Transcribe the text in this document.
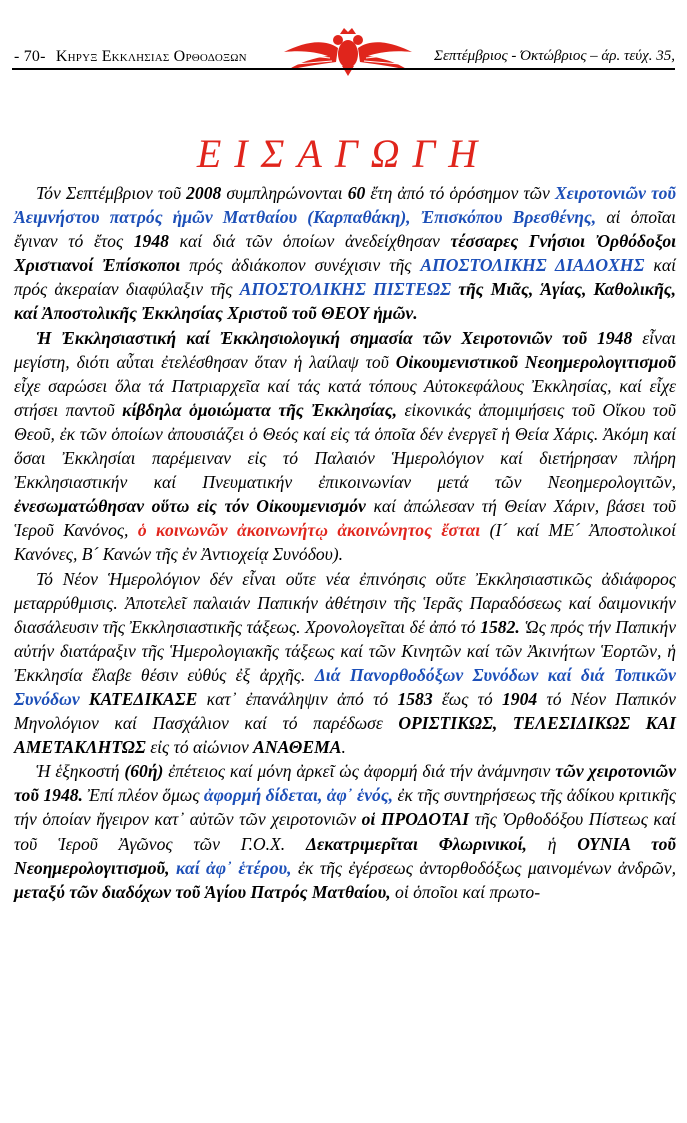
- 70- Κηρυξ Εκκλησιας Ορθοδοξων	Σεπτέμβριος - Όκτώβριος – άρ. τεύχ. 35,
ΕΙΣΑΓΩΓΗ

Τόν Σεπτέμβριον τοῦ 2008 συμπληρώνονται 60 ἔτη ἀπό τό ὁρόσημον τῶν Χειροτονιῶν τοῦ Ἀειμνήστου πατρός ἡμῶν Ματθαίου (Καρπαθάκη), Ἐπισκόπου Βρεσθένης, αἱ ὁποῖαι ἔγιναν τό ἔτος 1948 καί διά τῶν ὁποίων ἀνεδείχθησαν τέσσαρες Γνήσιοι Ὀρθόδοξοι Χριστιανοί Ἐπίσκοποι πρός ἀδιάκοπον συνέχισιν τῆς ΑΠΟΣΤΟΛΙΚΗΣ ΔΙΑΔΟΧΗΣ καί πρός ἀκεραίαν διαφύλαξιν τῆς ΑΠΟΣΤΟΛΙΚΗΣ ΠΙΣΤΕΩΣ τῆς Μιᾶς, Ἁγίας, Καθολικῆς, καί Ἀποστολικῆς Ἐκκλησίας Χριστοῦ τοῦ ΘΕΟΥ ἡμῶν.

Ἡ Ἐκκλησιαστική καί Ἐκκλησιολογική σημασία τῶν Χειροτονιῶν τοῦ 1948 εἶναι μεγίστη, διότι αὗται ἐτελέσθησαν ὅταν ἡ λαίλαψ τοῦ Οἰκουμενιστικοῦ Νεοημερολογιτισμοῦ εἶχε σαρώσει ὅλα τά Πατριαρχεῖα καί τάς κατά τόπους Αὐτοκεφάλους Ἐκκλησίας, καί εἶχε στήσει παντοῦ κίβδηλα ὁμοιώματα τῆς Ἐκκλησίας, εἰκονικάς ἀπομιμήσεις τοῦ Οἴκου τοῦ Θεοῦ, ἐκ τῶν ὁποίων ἀπουσιάζει ὁ Θεός καί εἰς τά ὁποῖα δέν ἐνεργεῖ ἡ Θεία Χάρις. Ἀκόμη καί ὅσαι Ἐκκλησίαι παρέμειναν εἰς τό Παλαιόν Ἡμερολόγιον καί διετήρησαν πλήρη Ἐκκλησιαστικήν καί Πνευματικήν ἐπικοινωνίαν μετά τῶν Νεοημερολογιτῶν, ἐνεσωματώθησαν οὕτω εἰς τόν Οἰκουμενισμόν καί ἀπώλεσαν τή Θείαν Χάριν, βάσει τοῦ Ἱεροῦ Κανόνος, ὁ κοινωνῶν ἀκοινωνήτῳ ἀκοινώνητος ἔσται (Ι´ καί ΜΕ´ Ἀποστολικοί Κανόνες, Β´ Κανών τῆς ἐν Ἀντιοχείᾳ Συνόδου).

Τό Νέον Ἡμερολόγιον δέν εἶναι οὔτε νέα ἐπινόησις οὔτε Ἐκκλησιαστικῶς ἀδιάφορος μεταρρύθμισις. Ἀποτελεῖ παλαιάν Παπικήν ἀθέτησιν τῆς Ἱερᾶς Παραδόσεως καί δαιμονικήν διασάλευσιν τῆς Ἐκκλησιαστικῆς τάξεως. Χρονολογεῖται δέ ἀπό τό 1582. Ὡς πρός τήν Παπικήν αὐτήν διατάραξιν τῆς Ἡμερολογιακῆς τάξεως καί τῶν Κινητῶν καί τῶν Ἀκινήτων Ἑορτῶν, ἡ Ἐκκλησία ἔλαβε θέσιν εὐθύς ἐξ ἀρχῆς. Διά Πανορθοδόξων Συνόδων καί διά Τοπικῶν Συνόδων ΚΑΤΕΔΙΚΑΣΕ κατ᾽ ἐπανάληψιν ἀπό τό 1583 ἕως τό 1904 τό Νέον Παπικόν Μηνολόγιον καί Πασχάλιον καί τό παρέδωσε ΟΡΙΣΤΙΚΩΣ, ΤΕΛΕΣΙΔΙΚΩΣ ΚΑΙ ΑΜΕΤΑΚΛΗΤΩΣ εἰς τό αἰώνιον ΑΝΑΘΕΜΑ.

Ἡ ἑξηκοστή (60ή) ἐπέτειος καί μόνη ἀρκεῖ ὡς ἀφορμή διά τήν ἀνάμνησιν τῶν χειροτονιῶν τοῦ 1948. Ἐπί πλέον ὅμως ἀφορμή δίδεται, ἀφ᾽ ἑνός, ἐκ τῆς συντηρήσεως τῆς ἀδίκου κριτικῆς τήν ὁποίαν ἤγειρον κατ᾽ αὐτῶν τῶν χειροτονιῶν οἱ ΠΡΟΔΟΤΑΙ τῆς Ὀρθοδόξου Πίστεως καί τοῦ Ἱεροῦ Ἀγῶνος τῶν Γ.Ο.Χ. Δεκατριμερῖται Φλωρινικοί, ἡ ΟΥΝΙΑ τοῦ Νεοημερολογιτισμοῦ, καί ἀφ᾽ ἑτέρου, ἐκ τῆς ἐγέρσεως ἀντορθοδόξως μαινομένων ἀνδρῶν, μεταξύ τῶν διαδόχων τοῦ Ἁγίου Πατρός Ματθαίου, οἱ ὁποῖοι καί πρωτο-
